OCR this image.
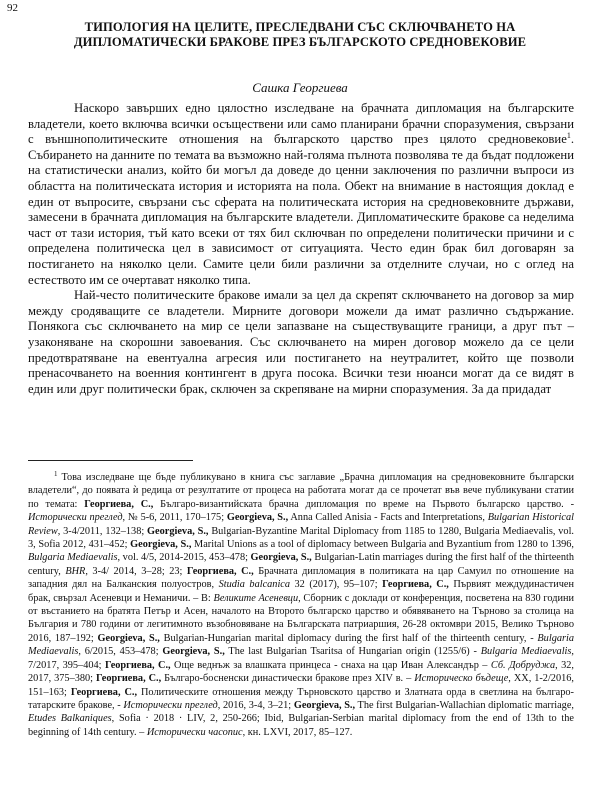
92
ТИПОЛОГИЯ НА ЦЕЛИТЕ, ПРЕСЛЕДВАНИ СЪС СКЛЮЧВАНЕТО НА
ДИПЛОМАТИЧЕСКИ БРАКОВЕ ПРЕЗ БЪЛГАРСКОТО СРЕДНОВЕКОВИЕ
Сашка Георгиева

Наскоро завърших едно цялостно изследване на брачната дипломация на българските владетели, което включва всички осъществени или само планирани брачни споразумения, свързани с външнополитическите отношения на българското царство през цялото средновековие$^1$. Събирането на данните по темата ва възможно най-голяма пълнота позволява те да бъдат подложени на статистически анализ, който би могъл да доведе до ценни заключения по различни въпроси из областта на политическата история и историята на пола. Обект на внимание в настоящия доклад е един от въпросите, свързани със сферата на политическата история на средновековните държави, замесени в брачната дипломация на българските владетели. Дипломатическите бракове са неделима част от тази история, тъй като всеки от тях бил сключван по определени политически причини и с определена политическа цел в зависимост от ситуацията. Често един брак бил договарян за постигането на няколко цели. Самите цели били различни за отделните случаи, но с оглед на естеството им се очертават няколко типа.

Най-често политическите бракове имали за цел да скрепят сключването на договор за мир между сродяващите се владетели. Мирните договори можели да имат различно съдържание. Понякога със сключването на мир се цели запазване на съществуващите граници, а друг път – узаконяване на скорошни завоевания. Със сключването на мирен договор можело да се цели предотвратяване на евентуална агресия или постигането на неутралитет, който ще позволи пренасочването на военния контингент в друга посока. Всички тези нюанси могат да се видят в един или друг политически брак, сключен за скрепяване на мирни споразумения. За да придадат

$^1$ Това изследване ще бъде публикувано в книга със заглавие „Брачна дипломация на средновековните български владетели“, до появата ѝ редица от резултатите от процеса на работата могат да се прочетат във вече публикувани статии по темата: Георгиева, С., Българо-византийската брачна дипломация по време на Първото българско царство. - Исторически преглед, № 5-6, 2011, 170–175; Georgieva, S., Anna Called Anisia - Facts and Interpretations, Bulgarian Historical Review, 3-4/2011, 132–138; Georgieva, S., Bulgarian-Byzantine Marital Diplomacy from 1185 to 1280, Bulgaria Mediaevalis, vol. 3, Sofia 2012, 431–452; Georgieva, S., Marital Unions as a tool of diplomacy between Bulgaria and Byzantium from 1280 to 1396, Bulgaria Mediaevalis, vol. 4/5, 2014-2015, 453–478; Georgieva, S., Bulgarian-Latin marriages during the first half of the thirteenth century, BHR, 3-4/ 2014, 3–28; 23; Георгиева, С., Брачната дипломация в политиката на цар Самуил по отношение на западния дял на Балканския полуостров, Studia balcanica 32 (2017), 95–107; Георгиева, С., Първият междудинастичен брак, свързал Асеневци и Неманичи. – В: Великите Асеневци, Сборник с доклади от конференция, посветена на 830 години от въстанието на братята Петър и Асен, началото на Второто българско царство и обявяването на Търново за столица на България и 780 години от легитимното възобновяване на Българската патриаршия, 26-28 октомври 2015, Велико Търново 2016, 187–192; Georgieva, S., Bulgarian-Hungarian marital diplomacy during the first half of the thirteenth century, - Bulgaria Mediaevalis, 6/2015, 453–478; Georgieva, S., The last Bulgarian Tsaritsa of Hungarian origin (1255/6) - Bulgaria Mediaevalis, 7/2017, 395–404; Георгиева, С., Още веднъж за влашката принцеса - снаха на цар Иван Александър – Сб. Добруджа, 32, 2017, 375–380; Георгиева, С., Българо-босненски династически бракове през XIV в. – Историческо бъдеще, XX, 1-2/2016, 151–163; Георгиева, С., Политическите отношения между Търновското царство и Златната орда в светлина на българо-татарските бракове, - Исторически преглед, 2016, 3-4, 3–21; Georgieva, S., The first Bulgarian-Wallachian diplomatic marriage, Etudes Balkaniques, Sofia · 2018 · LIV, 2, 250-266; Ibid, Bulgarian-Serbian marital diplomacy from the end of 13th to the beginning of 14th century. – Исторически часопис, кн. LXVI, 2017, 85–127.
